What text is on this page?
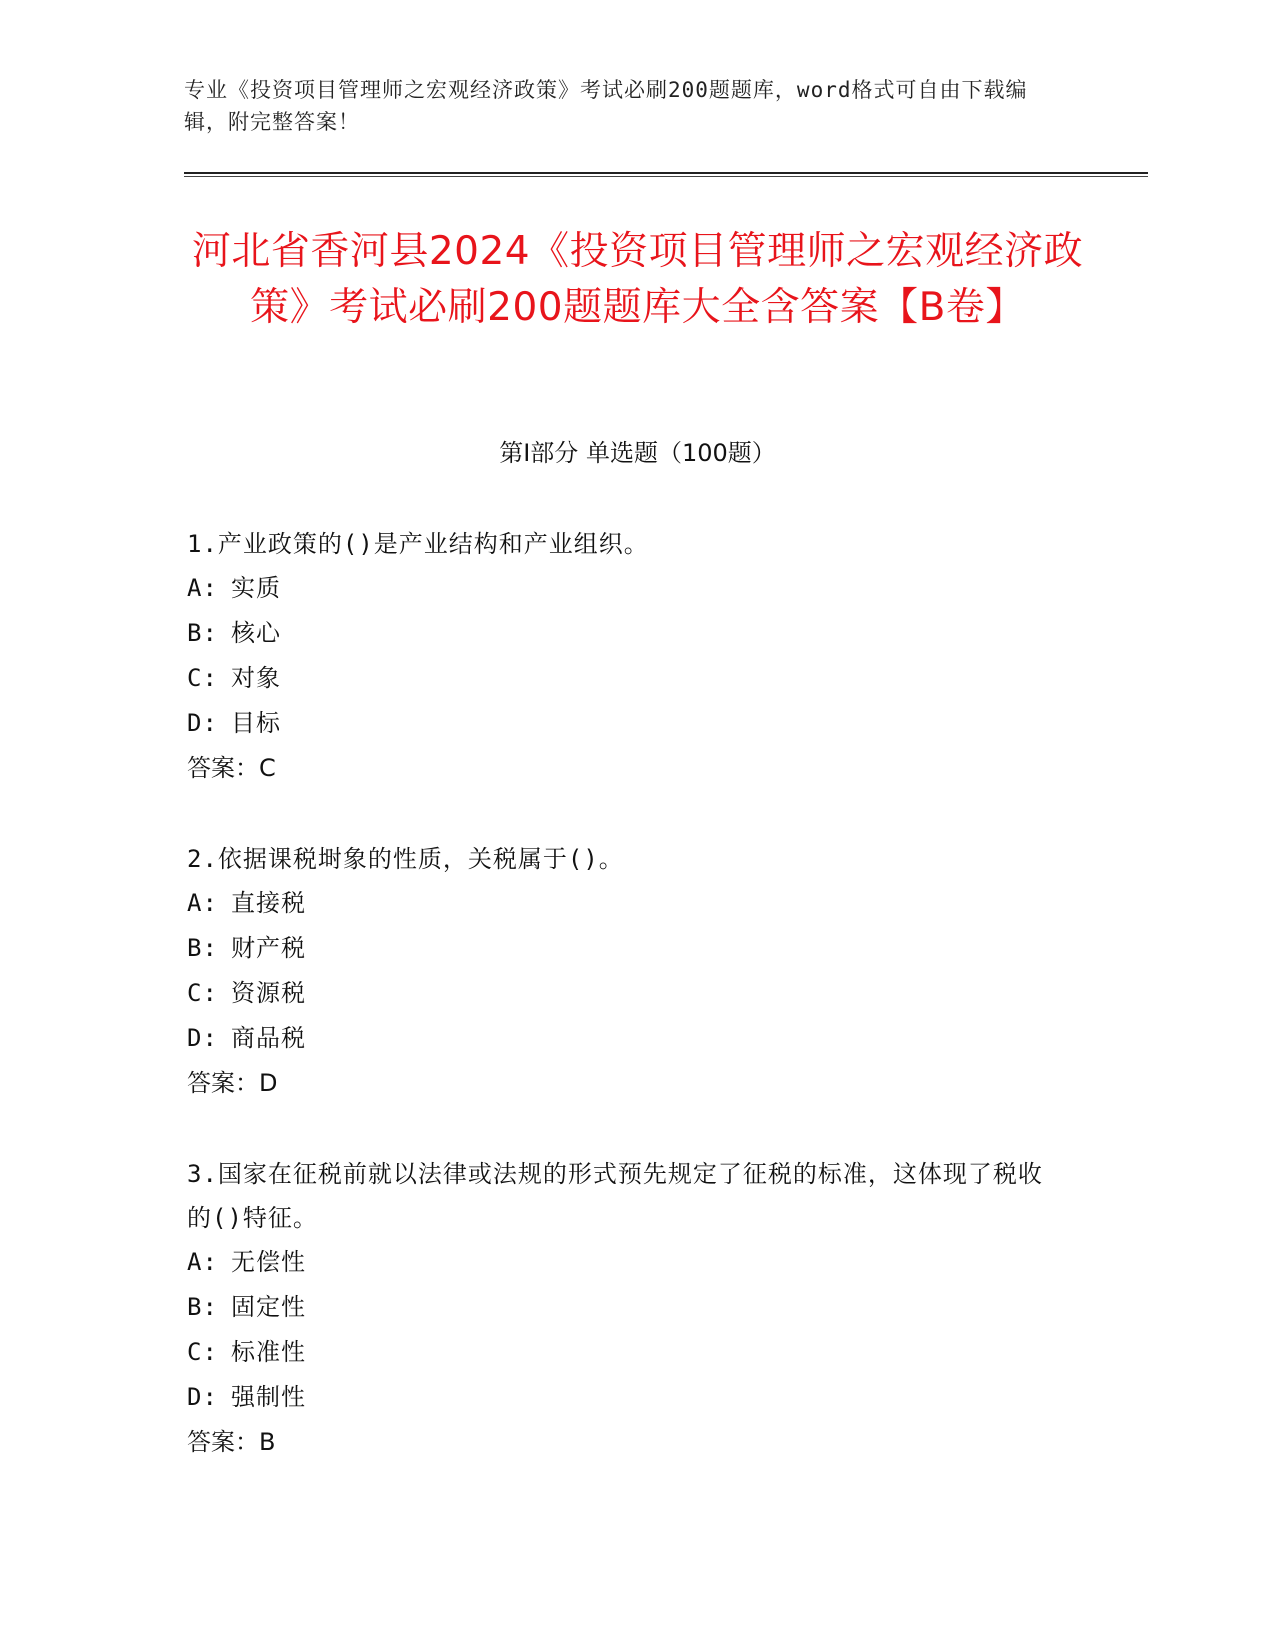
专业《投资项目管理师之宏观经济政策》考试必刷200题题库，word格式可自由下载编辑，附完整答案！
河北省香河县2024《投资项目管理师之宏观经济政策》考试必刷200题题库大全含答案【B卷】
第Ⅰ部分 单选题（100题）
1.产业政策的()是产业结构和产业组织。
A: 实质
B: 核心
C: 对象
D: 目标
答案：C
2.依据课税埘象的性质，关税属于()。
A: 直接税
B: 财产税
C: 资源税
D: 商品税
答案：D
3.国家在征税前就以法律或法规的形式预先规定了征税的标准，这体现了税收的()特征。
A: 无偿性
B: 固定性
C: 标准性
D: 强制性
答案：B
